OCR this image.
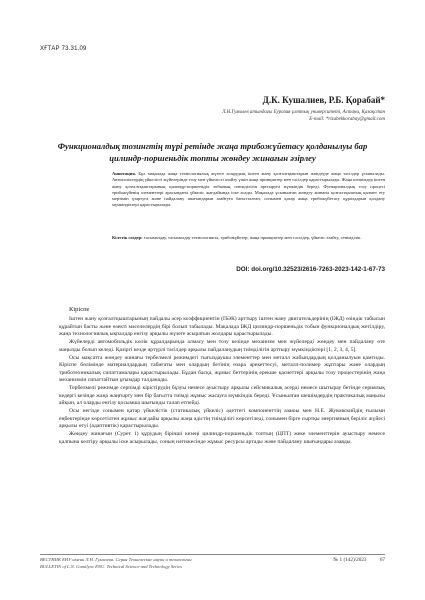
ХҒТАР 73.31.09
Д.К. Кушалиев, Р.Б. Қорабай*
Л.Н.Гумилев атындағы Еуразия ұлттық университеті, Астана, Қазақстан
E-mail: *rizabekkorabay@gmail.com
Функционалдық тозингтің түрі ретінде жаңа трибожүйетасу қолданылуы бар цилиндр-поршеньдік топты жөндеу жинағын әзірлеу
Аннотация. Бұл мақалада жаңа технологиялық жүзеге асырудың іштен жану қозғалтқыштарын жөндеуде жаңа тәсілдер ұсынылады. Автокөліктердің үйкелісті жүйелерінде тозу мен үйкелісті азайту үшін жаңа принциптер мен тәсілдер қарастырылады. Жаңа шешімдер іштен жану қозғалтқыштарының цилиндр-поршеньдік тобының сенімділігін арттыруға мүмкіндік береді. Функционалдық тозу процесі трибожүйенің элементтері арасындағы үйкеліс жағдайында іске асады. Мақалада ұсынылған жөндеу жинағы қозғалтқыштың қызмет ету мерзімін ұзартуға және пайдалану шығындарын азайтуға бағытталған, сонымен қатар жаңа трибожүйетасу құралдарын қолдану мүмкіндіктері қарастырылады.
Кілттік сөздер: тасымалдау, тасымалдау технологиясы, трибожүйетер, жаңа принциптер мен тәсілдер, үйкеліс азайту, сенімділік.
DOI: doi.org/10.32523/2616-7263-2023-142-1-67-73
Кіріспе

Іштен жану қозғалтқыштарының пайдалы әсер коэффициентін (ПӘК) арттыру іштен жану двигательдерінің (ІЖД) өзіндік табысын құрайтын басты және өзекті мәселелердің бірі болып табылады. Мақалада ІЖД цилиндр-поршеньдік тобын функционалдық жетілдіру, жаңа технологиялық ықпалдар енгізу арқылы жүзеге асыратын жолдары қарастырылады.

Жүйелерді автомобильдік көлік құралдарында алмасу мен тозу кезінде механизм мен жүйелерді жөндеу мен пайдалану өте маңызды болып келеді. Қазіргі кезде әртүрлі тәсілдер арқылы пайдаланудың тиімділігін арттыру мүмкіндіктері [1, 2, 3, 4, 5].

Осы мақсатта жөндеу жинағы тербелмелі режимдегі тығыздаушы элементтер мен металл жабындардың қолданылуын қамтиды. Кіріспе бөлімінде материалдардың табиғаты мен олардың бетінің өзара әрекеттесуі, металл-полимер жұптары және олардың триботехникалық сипаттамалары қарастырылады. Бұдан басқа, жұмыс беттерінің ерекше қасиеттері арқылы тозу процестерінің жаңа механизмін сипаттайтын ұғымдар талданады.

Тербелмелі режимде серпімді кірістірудің бұзуы немесе ауыстыру арқылы сейсмикалық әсерді немесе шытырау бетінде сериялық кедергі кезінде жаңа жаңғырту мен бір бағытта тиімді жұмыс жасауға мүмкіндік береді. Ұсынылған шешімдердің практикалық маңызы айқын, ал оларды енгізу қосымша шығынды талап етпейді.

Осы негізде сонымен қатар үйкелістік (статикалық үйкеліс) әдеттегі компоненттің азаюы мен Н.Е. Жуковскийдің ғылыми еңбектерінде көрсетілген жұмыс жағдайы арқылы жаңа әдістің тиімділігі көрсетіледі, сонымен бірге сыртқы энергияның беріліс жүйесі арқылы өтуі (адаптивтік) қарастырылады.

Жөндеу жинағын (Сурет 1) құрудың бірінші кезеңі цилиндр-поршеньдік топтың (ЦПТ) жеке элементтерін ауыстыру немесе қалпына келтіру арқылы іске асырылады, соның нәтижесінде жұмыс ресурсы артады және пайдалану шығындары азаяды.

ВЕСТНИК ЕНУ имени Л.Н. Гумилева. Серия Технические науки и технологии
BULLETIN of L.N. Gumilyov ENU. Technical Science and Technology Series
№ 1 (142)/2023	67
